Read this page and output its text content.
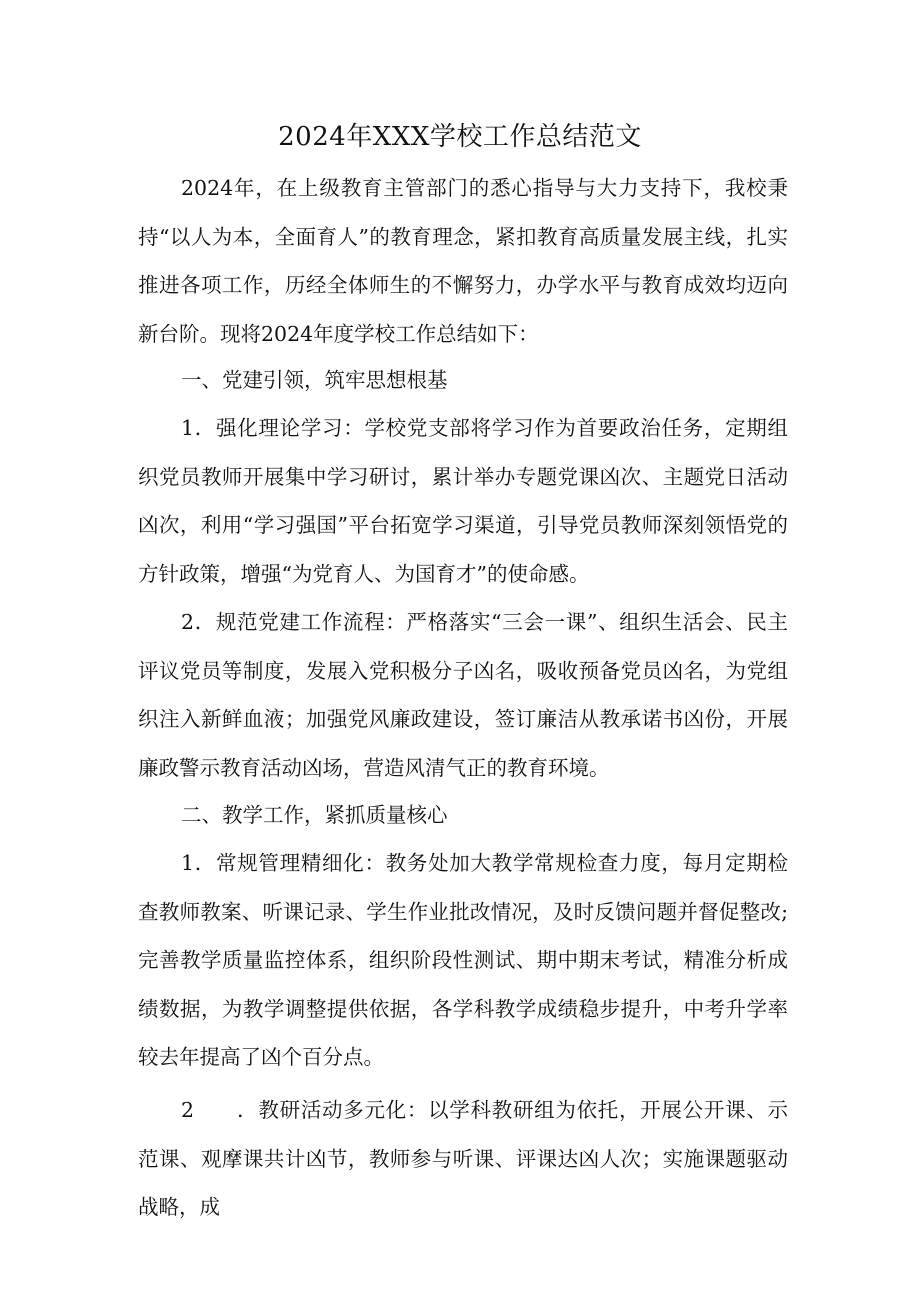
2024年XXX学校工作总结范文

2024年，在上级教育主管部门的悉心指导与大力支持下，我校秉持“以人为本，全面育人”的教育理念，紧扣教育高质量发展主线，扎实推进各项工作，历经全体师生的不懈努力，办学水平与教育成效均迈向新台阶。现将2024年度学校工作总结如下：

一、党建引领，筑牢思想根基

1．强化理论学习：学校党支部将学习作为首要政治任务，定期组织党员教师开展集中学习研讨，累计举办专题党课凶次、主题党日活动凶次，利用“学习强国”平台拓宽学习渠道，引导党员教师深刻领悟党的方针政策，增强“为党育人、为国育才”的使命感。

2．规范党建工作流程：严格落实“三会一课”、组织生活会、民主评议党员等制度，发展入党积极分子凶名，吸收预备党员凶名，为党组织注入新鲜血液；加强党风廉政建设，签订廉洁从教承诺书凶份，开展廉政警示教育活动凶场，营造风清气正的教育环境。

二、教学工作，紧抓质量核心

1．常规管理精细化：教务处加大教学常规检查力度，每月定期检查教师教案、听课记录、学生作业批改情况，及时反馈问题并督促整改;完善教学质量监控体系，组织阶段性测试、期中期末考试，精准分析成绩数据，为教学调整提供依据，各学科教学成绩稳步提升，中考升学率较去年提高了凶个百分点。

2　　．教研活动多元化：以学科教研组为依托，开展公开课、示范课、观摩课共计凶节，教师参与听课、评课达凶人次；实施课题驱动战略，成
